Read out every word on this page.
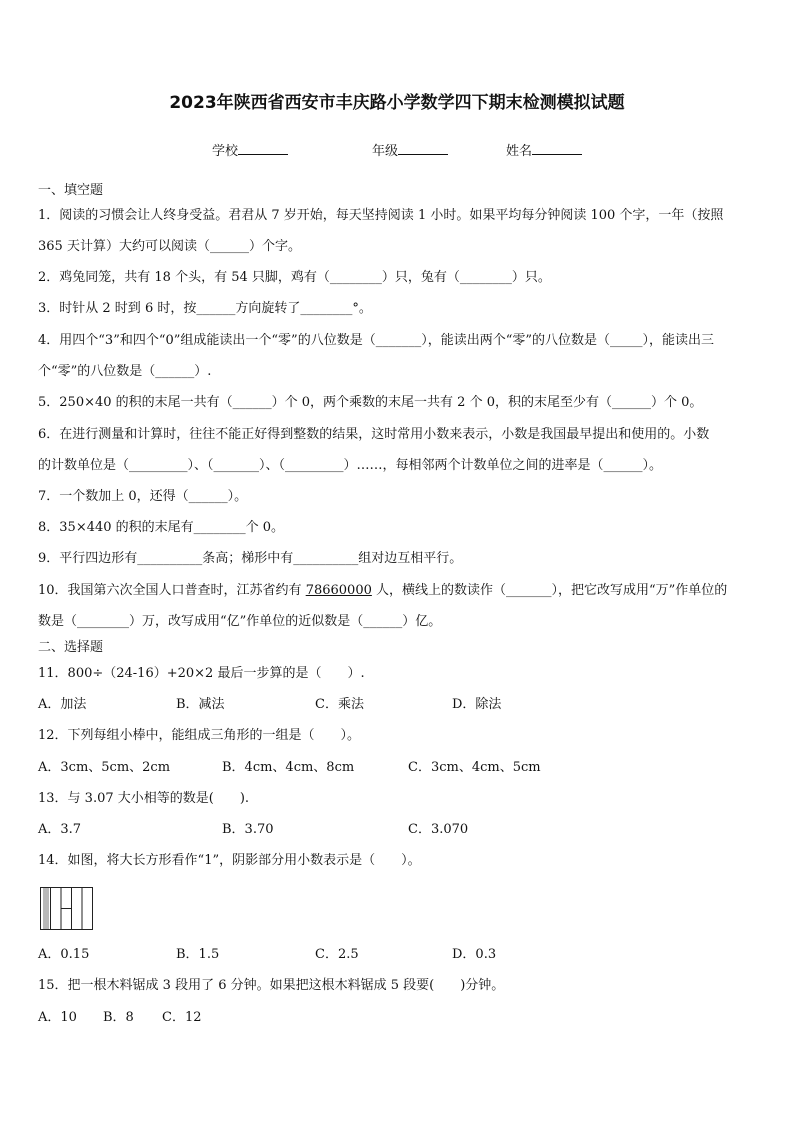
2023年陕西省西安市丰庆路小学数学四下期末检测模拟试题
学校	年级	姓名
一、填空题
1．阅读的习惯会让人终身受益。君君从 7 岁开始，每天坚持阅读 1 小时。如果平均每分钟阅读 100 个字，一年（按照
365 天计算）大约可以阅读（______）个字。
2．鸡兔同笼，共有 18 个头，有 54 只脚，鸡有（________）只，兔有（________）只。
3．时针从 2 时到 6 时，按______方向旋转了________°。
4．用四个“3”和四个“0”组成能读出一个“零”的八位数是（_______），能读出两个“零”的八位数是（_____），能读出三
个“零”的八位数是（______）.
5．250×40 的积的末尾一共有（______）个 0，两个乘数的末尾一共有 2 个 0，积的末尾至少有（______）个 0。
6．在进行测量和计算时，往往不能正好得到整数的结果，这时常用小数来表示，小数是我国最早提出和使用的。小数
的计数单位是（_________）、（_______）、（_________）……，每相邻两个计数单位之间的进率是（______）。
7．一个数加上 0，还得（______）。
8．35×440 的积的末尾有________个 0。
9．平行四边形有__________条高；梯形中有__________组对边互相平行。
10．我国第六次全国人口普查时，江苏省约有 78660000 人，横线上的数读作（_______），把它改写成用“万”作单位的
数是（________）万，改写成用“亿”作单位的近似数是（______）亿。
二、选择题
11．800÷（24-16）+20×2 最后一步算的是（　　）.
A．加法	B．减法	C．乘法	D．除法
12．下列每组小棒中，能组成三角形的一组是（　　）。
A．3cm、5cm、2cm	B．4cm、4cm、8cm	C．3cm、4cm、5cm
13．与 3.07 大小相等的数是(　　).
A．3.7	B．3.70	C．3.070
14．如图，将大长方形看作“1”，阴影部分用小数表示是（　　）。
A．0.15	B．1.5	C．2.5	D．0.3
15．把一根木料锯成 3 段用了 6 分钟。如果把这根木料锯成 5 段要(　　)分钟。
A．10 B．8 C．12
